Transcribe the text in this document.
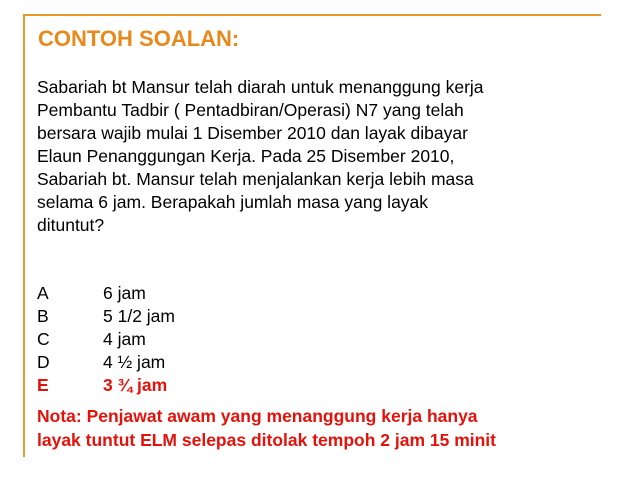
CONTOH SOALAN:
Sabariah bt Mansur telah diarah untuk menanggung kerja
Pembantu Tadbir ( Pentadbiran/Operasi) N7 yang telah
bersara wajib mulai 1 Disember 2010 dan layak dibayar
Elaun Penanggungan Kerja. Pada 25 Disember 2010,
Sabariah bt. Mansur telah menjalankan kerja lebih masa
selama 6 jam. Berapakah jumlah masa yang layak
dituntut?
A	6 jam
B	5 1/2 jam
C	4 jam
D	4 ½ jam
E	3 ¾ jam
Nota: Penjawat awam yang menanggung kerja hanya
layak tuntut ELM selepas ditolak tempoh 2 jam 15 minit
